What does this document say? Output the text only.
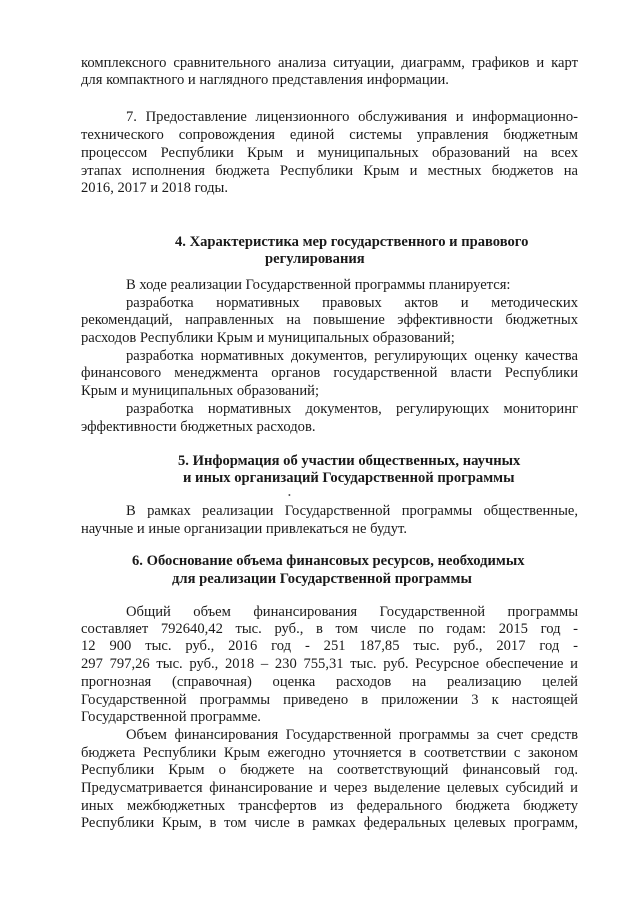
комплексного сравнительного анализа ситуации, диаграмм, графиков и карт

для компактного и наглядного представления информации.

7. Предоставление лицензионного обслуживания и информационно-

технического сопровождения единой системы управления бюджетным

процессом Республики Крым и муниципальных образований на всех

этапах исполнения бюджета Республики Крым и местных бюджетов на

2016, 2017 и 2018 годы.

4. Характеристика мер государственного и правового

регулирования

В ходе реализации Государственной программы планируется:

разработка нормативных правовых актов и методических

рекомендаций, направленных на повышение эффективности бюджетных

расходов Республики Крым и муниципальных образований;

разработка нормативных документов, регулирующих оценку качества

финансового менеджмента органов государственной власти Республики

Крым и муниципальных образований;

разработка нормативных документов, регулирующих мониторинг

эффективности бюджетных расходов.

5. Информация об участии общественных, научных

и иных организаций Государственной программы

•

В рамках реализации Государственной программы общественные,

научные и иные организации привлекаться не будут.

6. Обоснование объема финансовых ресурсов, необходимых

для реализации Государственной программы

Общий объем финансирования Государственной программы

составляет 792640,42 тыс. руб., в том числе по годам: 2015 год -

12 900 тыс. руб., 2016 год - 251 187,85 тыс. руб., 2017 год -

297 797,26 тыс. руб., 2018 – 230 755,31 тыс. руб. Ресурсное обеспечение и

прогнозная (справочная) оценка расходов на реализацию целей

Государственной программы приведено в приложении 3 к настоящей

Государственной программе.

Объем финансирования Государственной программы за счет средств

бюджета Республики Крым ежегодно уточняется в соответствии с законом

Республики Крым о бюджете на соответствующий финансовый год.

Предусматривается финансирование и через выделение целевых субсидий и

иных межбюджетных трансфертов из федерального бюджета бюджету

Республики Крым, в том числе в рамках федеральных целевых программ,
